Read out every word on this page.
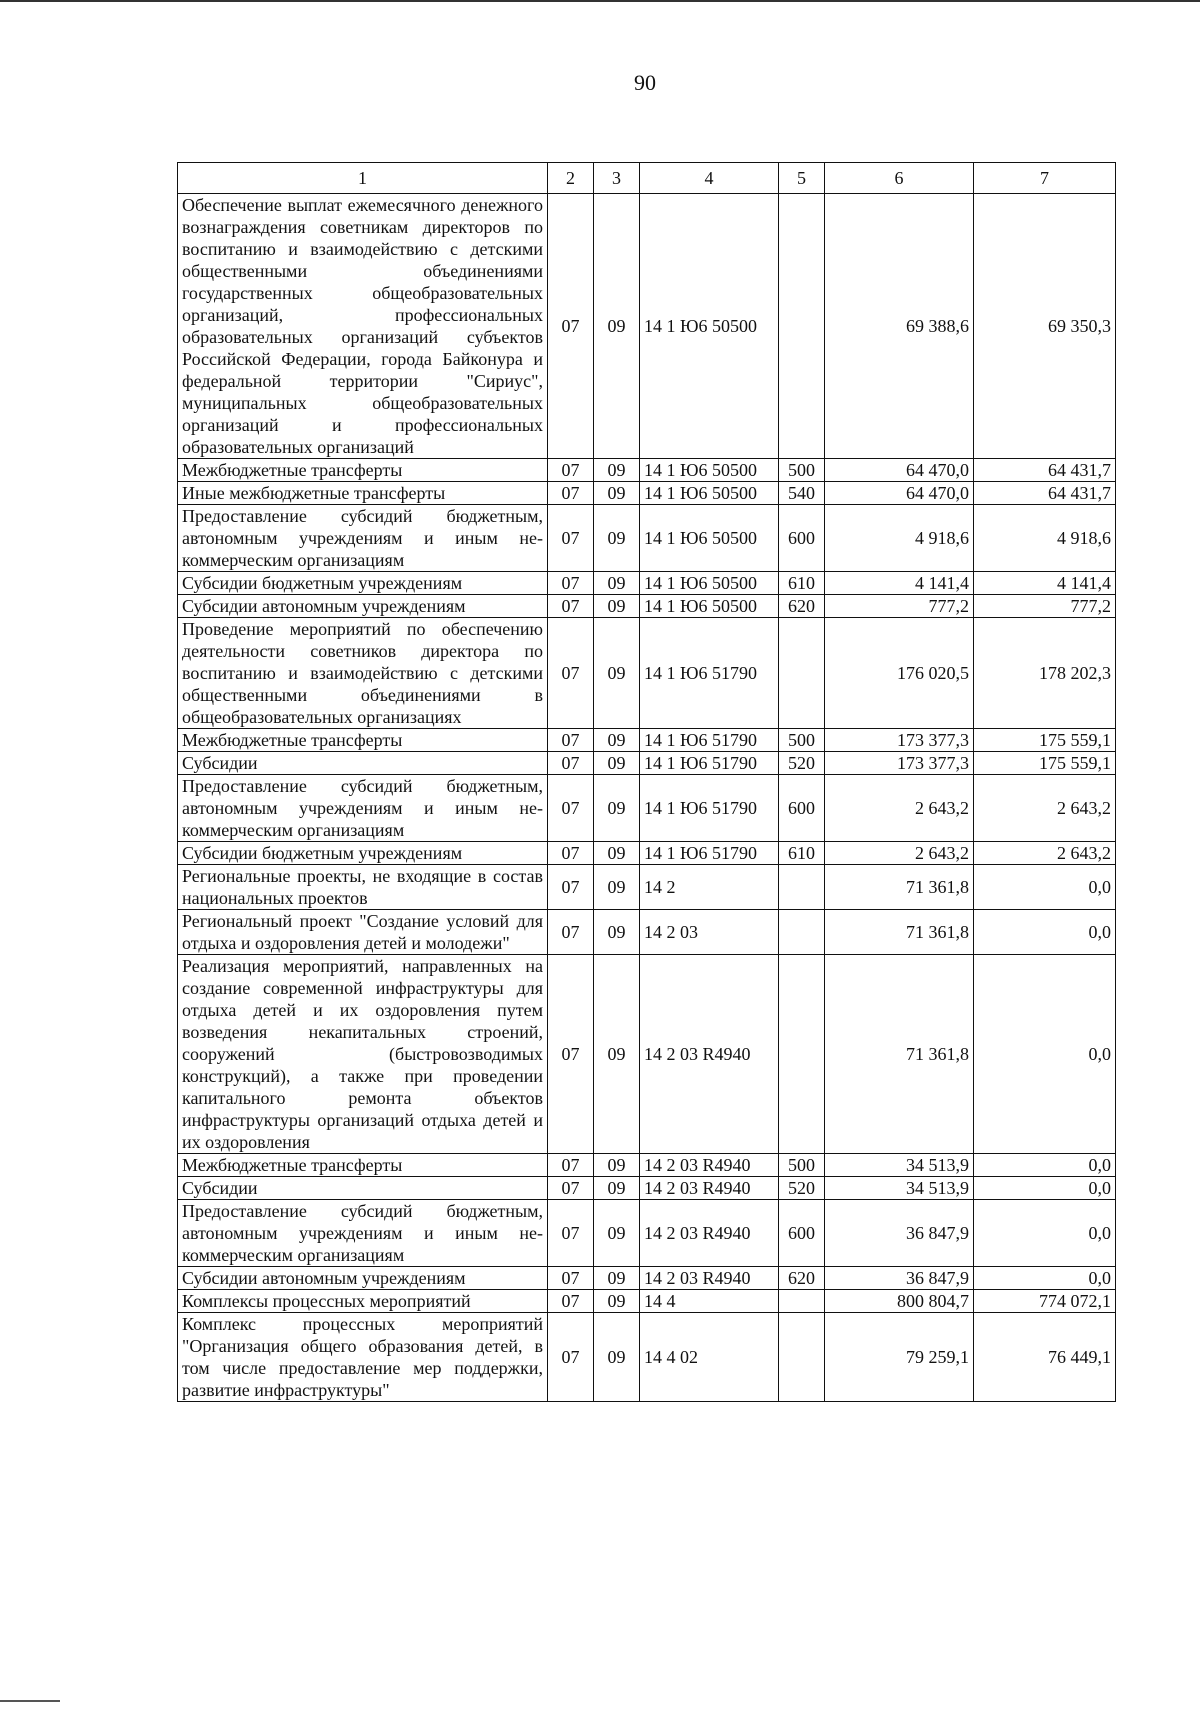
90
1	2	3	4	5	6	7
Обеспечение выплат ежемесячного денежного вознаграждения советникам директоров по воспитанию и взаимодействию с детскими общественными объединениями государственных общеобразовательных организаций, профессиональных образовательных организаций субъектов Российской Федерации, города Байконура и федеральной территории "Сириус", муниципальных общеобразовательных организаций и профессиональных образовательных организаций	07	09	14 1 Ю6 50500		69 388,6	69 350,3
Межбюджетные трансферты	07	09	14 1 Ю6 50500	500	64 470,0	64 431,7
Иные межбюджетные трансферты	07	09	14 1 Ю6 50500	540	64 470,0	64 431,7
Предоставление субсидий бюджетным, автономным учреждениям и иным некоммерческим организациям	07	09	14 1 Ю6 50500	600	4 918,6	4 918,6
Субсидии бюджетным учреждениям	07	09	14 1 Ю6 50500	610	4 141,4	4 141,4
Субсидии автономным учреждениям	07	09	14 1 Ю6 50500	620	777,2	777,2
Проведение мероприятий по обеспечению деятельности советников директора по воспитанию и взаимодействию с детскими общественными объединениями в общеобразовательных организациях	07	09	14 1 Ю6 51790		176 020,5	178 202,3
Межбюджетные трансферты	07	09	14 1 Ю6 51790	500	173 377,3	175 559,1
Субсидии	07	09	14 1 Ю6 51790	520	173 377,3	175 559,1
Предоставление субсидий бюджетным, автономным учреждениям и иным некоммерческим организациям	07	09	14 1 Ю6 51790	600	2 643,2	2 643,2
Субсидии бюджетным учреждениям	07	09	14 1 Ю6 51790	610	2 643,2	2 643,2
Региональные проекты, не входящие в состав национальных проектов	07	09	14 2		71 361,8	0,0
Региональный проект "Создание условий для отдыха и оздоровления детей и молодежи"	07	09	14 2 03		71 361,8	0,0
Реализация мероприятий, направленных на создание современной инфраструктуры для отдыха детей и их оздоровления путем возведения некапитальных строений, сооружений (быстровозводимых конструкций), а также при проведении капитального ремонта объектов инфраструктуры организаций отдыха детей и их оздоровления	07	09	14 2 03 R4940		71 361,8	0,0
Межбюджетные трансферты	07	09	14 2 03 R4940	500	34 513,9	0,0
Субсидии	07	09	14 2 03 R4940	520	34 513,9	0,0
Предоставление субсидий бюджетным, автономным учреждениям и иным некоммерческим организациям	07	09	14 2 03 R4940	600	36 847,9	0,0
Субсидии автономным учреждениям	07	09	14 2 03 R4940	620	36 847,9	0,0
Комплексы процессных мероприятий	07	09	14 4		800 804,7	774 072,1
Комплекс процессных мероприятий "Организация общего образования детей, в том числе предоставление мер поддержки, развитие инфраструктуры"	07	09	14 4 02		79 259,1	76 449,1
